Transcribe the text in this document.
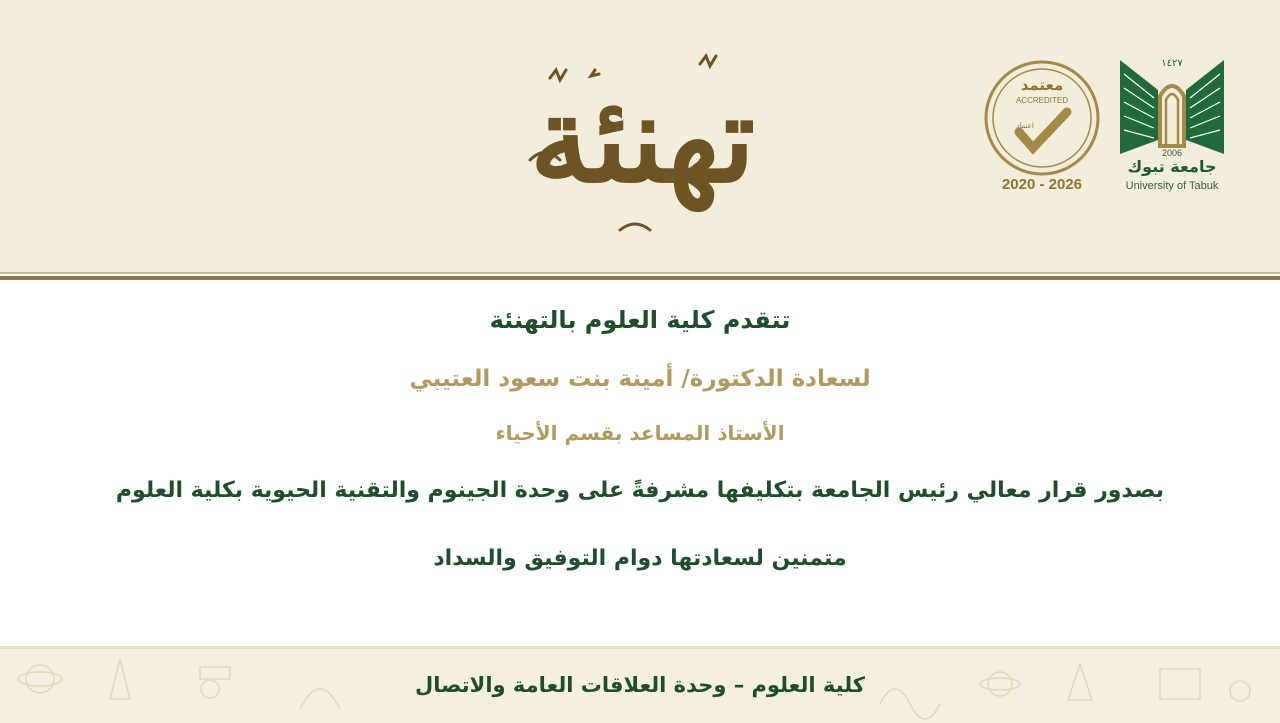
تهنئة	معتمد
ACCREDITED
اعتماد
2020 - 2026
١٤٢٧
2006
جامعة تبوك
University of Tabuk
تتقدم كلية العلوم بالتهنئة
لسعادة الدكتورة/ أمينة بنت سعود العتيبي
الأستاذ المساعد بقسم الأحياء
بصدور قرار معالي رئيس الجامعة بتكليفها مشرفةً على وحدة الجينوم والتقنية الحيوية بكلية العلوم
متمنين لسعادتها دوام التوفيق والسداد
كلية العلوم – وحدة العلاقات العامة والاتصال
